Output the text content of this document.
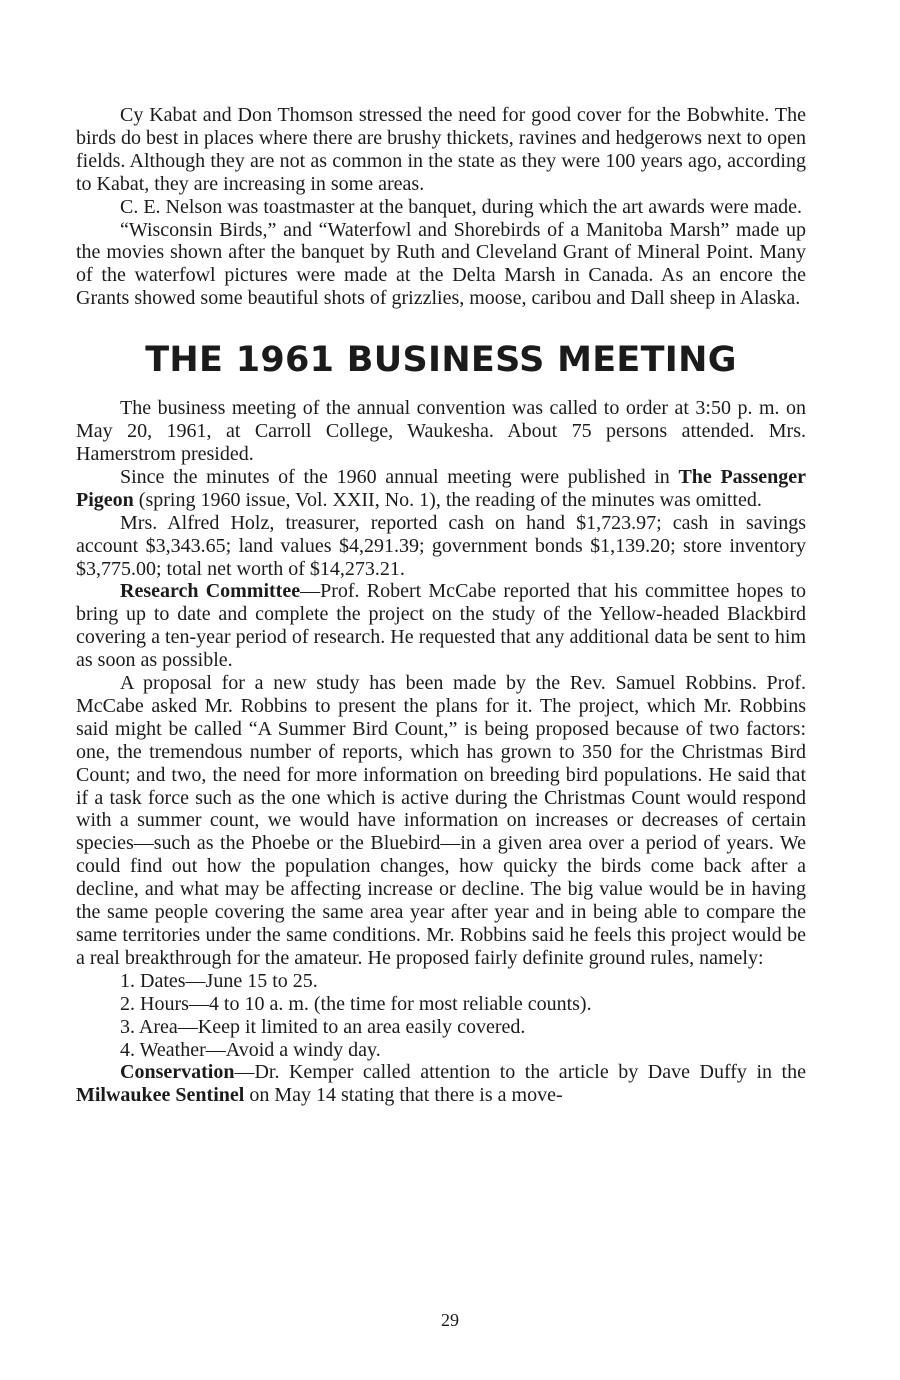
Cy Kabat and Don Thomson stressed the need for good cover for the Bobwhite. The birds do best in places where there are brushy thickets, ravines and hedgerows next to open fields. Although they are not as common in the state as they were 100 years ago, according to Kabat, they are increasing in some areas.

C. E. Nelson was toastmaster at the banquet, during which the art awards were made.

“Wisconsin Birds,” and “Waterfowl and Shorebirds of a Manitoba Marsh” made up the movies shown after the banquet by Ruth and Cleveland Grant of Mineral Point. Many of the waterfowl pictures were made at the Delta Marsh in Canada. As an encore the Grants showed some beautiful shots of grizzlies, moose, caribou and Dall sheep in Alaska.

THE 1961 BUSINESS MEETING

The business meeting of the annual convention was called to order at 3:50 p. m. on May 20, 1961, at Carroll College, Waukesha. About 75 persons attended. Mrs. Hamerstrom presided.

Since the minutes of the 1960 annual meeting were published in The Passenger Pigeon (spring 1960 issue, Vol. XXII, No. 1), the reading of the minutes was omitted.

Mrs. Alfred Holz, treasurer, reported cash on hand $1,723.97; cash in savings account $3,343.65; land values $4,291.39; government bonds $1,139.20; store inventory $3,775.00; total net worth of $14,273.21.

Research Committee—Prof. Robert McCabe reported that his committee hopes to bring up to date and complete the project on the study of the Yellow-headed Blackbird covering a ten-year period of research. He requested that any additional data be sent to him as soon as possible.

A proposal for a new study has been made by the Rev. Samuel Robbins. Prof. McCabe asked Mr. Robbins to present the plans for it. The project, which Mr. Robbins said might be called “A Summer Bird Count,” is being proposed because of two factors: one, the tremendous number of reports, which has grown to 350 for the Christmas Bird Count; and two, the need for more information on breeding bird populations. He said that if a task force such as the one which is active during the Christmas Count would respond with a summer count, we would have information on increases or decreases of certain species—such as the Phoebe or the Bluebird—in a given area over a period of years. We could find out how the population changes, how quicky the birds come back after a decline, and what may be affecting increase or decline. The big value would be in having the same people covering the same area year after year and in being able to compare the same territories under the same conditions. Mr. Robbins said he feels this project would be a real breakthrough for the amateur. He proposed fairly definite ground rules, namely:

1. Dates—June 15 to 25.

2. Hours—4 to 10 a. m. (the time for most reliable counts).

3. Area—Keep it limited to an area easily covered.

4. Weather—Avoid a windy day.

Conservation—Dr. Kemper called attention to the article by Dave Duffy in the Milwaukee Sentinel on May 14 stating that there is a move-

29
